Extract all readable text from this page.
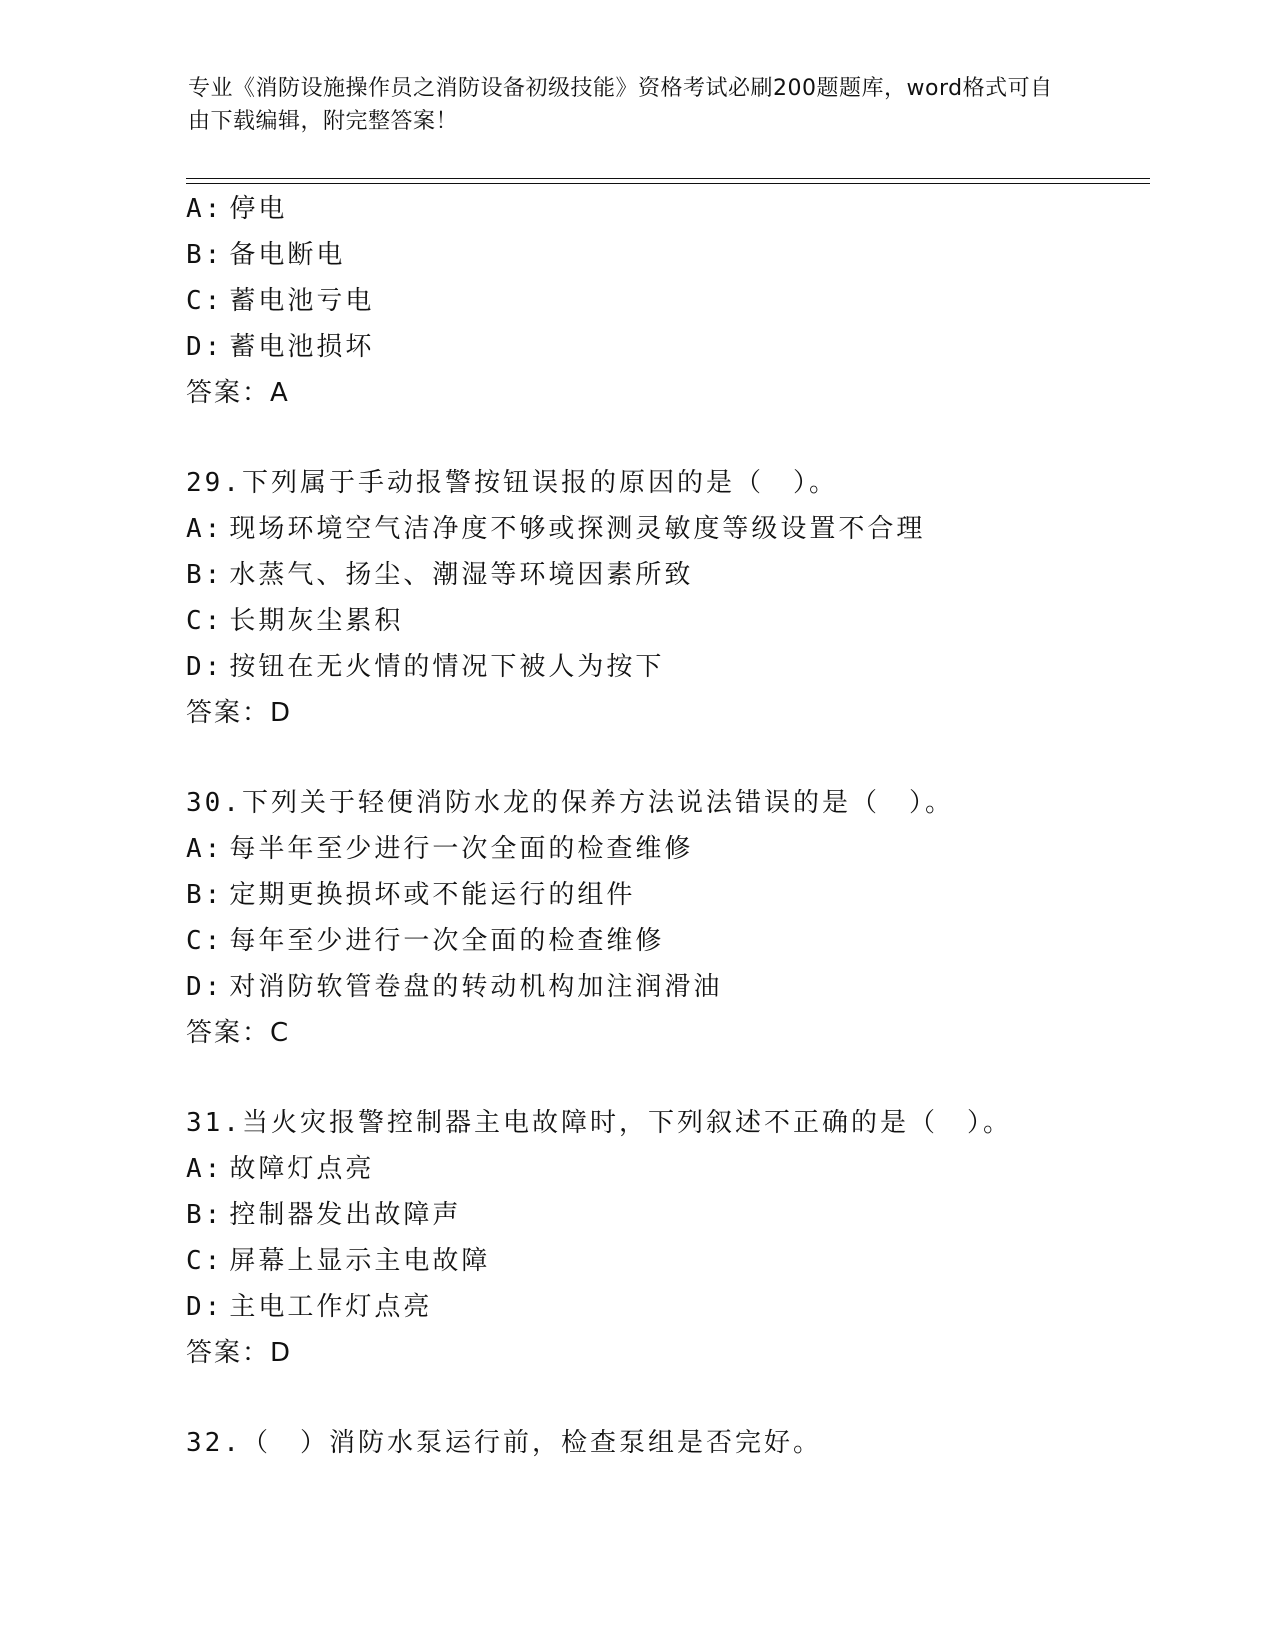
专业《消防设施操作员之消防设备初级技能》资格考试必刷200题题库，word格式可自由下载编辑，附完整答案！
A: 停电
B: 备电断电
C: 蓄电池亏电
D: 蓄电池损坏
答案：A
29.下列属于手动报警按钮误报的原因的是（　）。
A: 现场环境空气洁净度不够或探测灵敏度等级设置不合理
B: 水蒸气、扬尘、潮湿等环境因素所致
C: 长期灰尘累积
D: 按钮在无火情的情况下被人为按下
答案：D
30.下列关于轻便消防水龙的保养方法说法错误的是（　）。
A: 每半年至少进行一次全面的检查维修
B: 定期更换损坏或不能运行的组件
C: 每年至少进行一次全面的检查维修
D: 对消防软管卷盘的转动机构加注润滑油
答案：C
31.当火灾报警控制器主电故障时，下列叙述不正确的是（　）。
A: 故障灯点亮
B: 控制器发出故障声
C: 屏幕上显示主电故障
D: 主电工作灯点亮
答案：D
32.（　）消防水泵运行前，检查泵组是否完好。
